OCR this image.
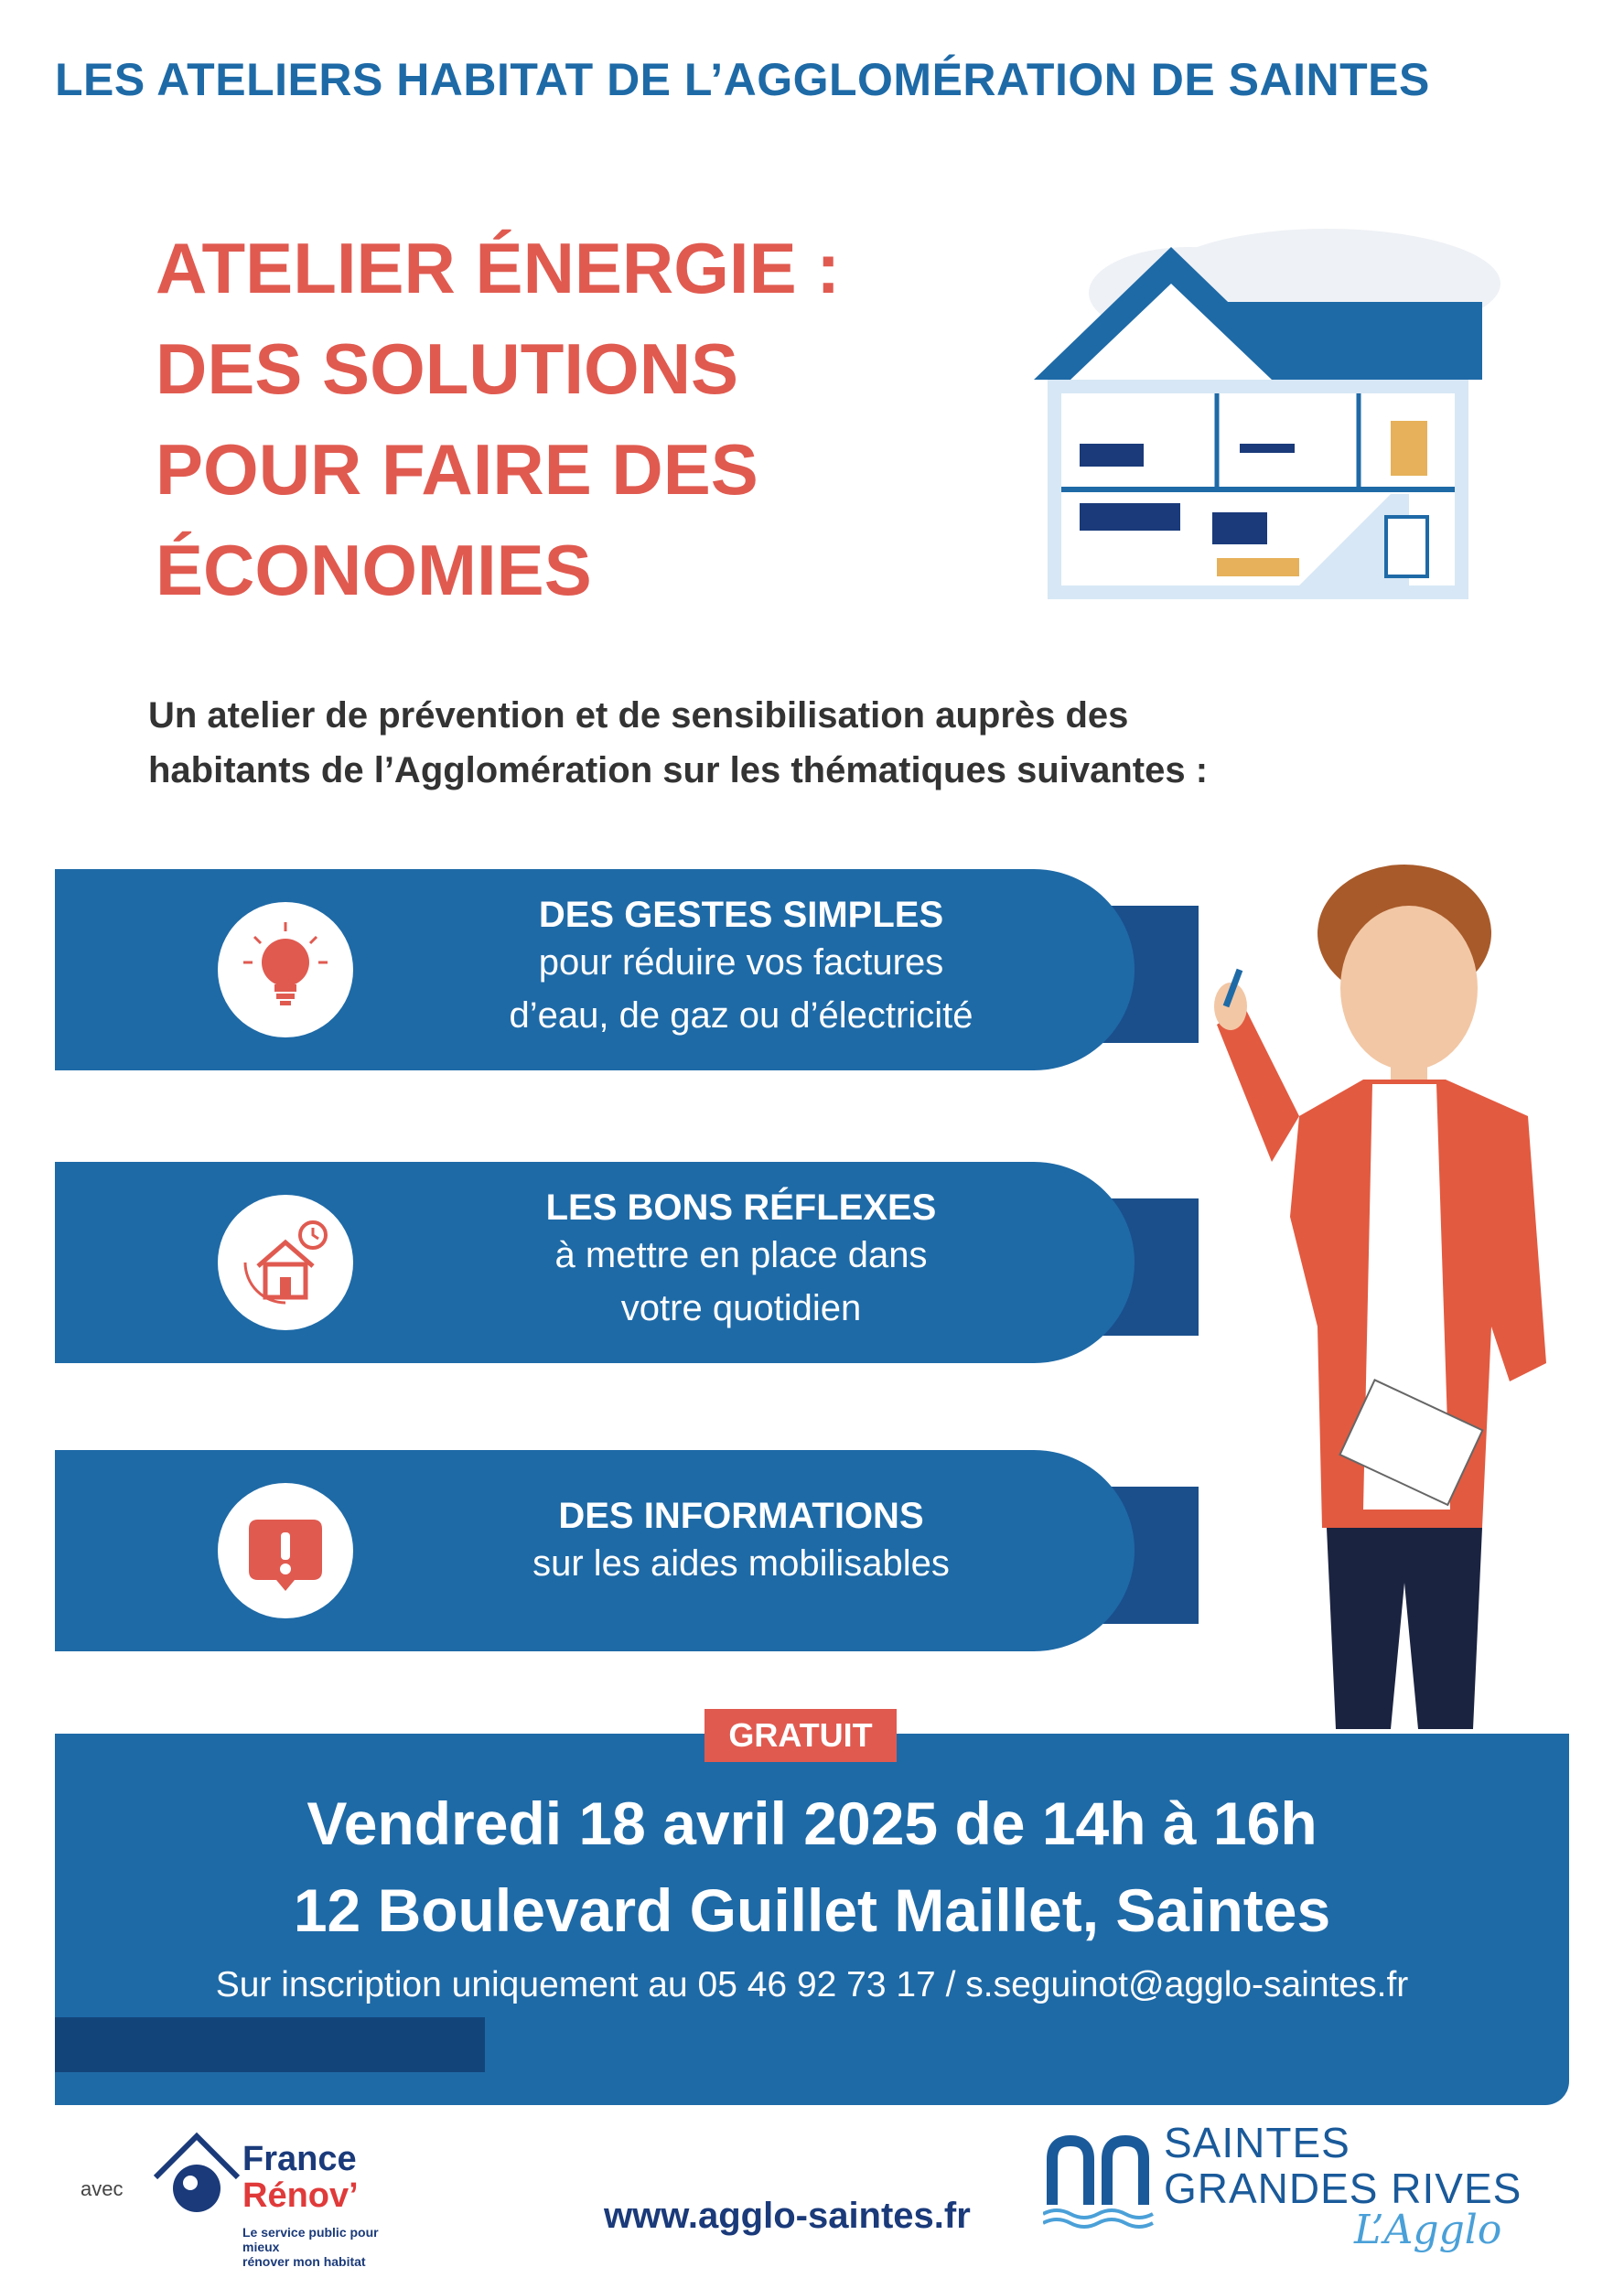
LES ATELIERS HABITAT DE L’AGGLOMÉRATION DE SAINTES
ATELIER ÉNERGIE :
DES SOLUTIONS
POUR FAIRE DES
ÉCONOMIES
Un atelier de prévention et de sensibilisation auprès des
habitants de l’Agglomération sur les thématiques suivantes :
DES GESTES SIMPLES
pour réduire vos factures
d’eau, de gaz ou d’électricité
LES BONS RÉFLEXES
à mettre en place dans
votre quotidien
DES INFORMATIONS
sur les aides mobilisables
GRATUIT
Vendredi 18 avril 2025 de 14h à 16h
12 Boulevard Guillet Maillet, Saintes
Sur inscription uniquement au 05 46 92 73 17 / s.seguinot@agglo-saintes.fr
avec
France
Rénov’
Le service public pour mieux
rénover mon habitat
www.agglo-saintes.fr
SAINTES
GRANDES RIVES
L’Agglo
